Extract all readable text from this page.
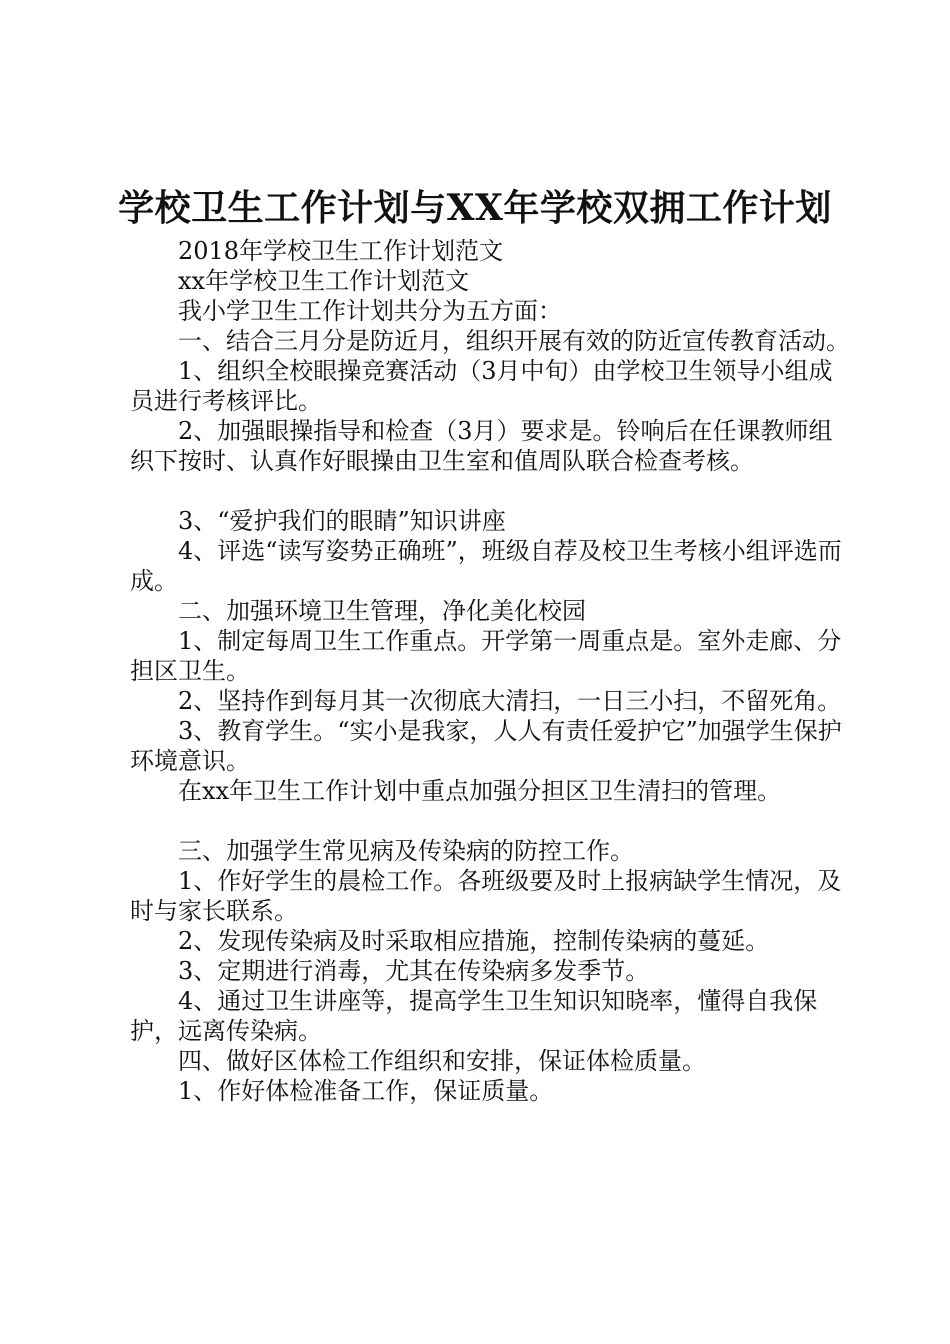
学校卫生工作计划与XX年学校双拥工作计划

2018年学校卫生工作计划范文

xx年学校卫生工作计划范文

我小学卫生工作计划共分为五方面：

一、结合三月分是防近月，组织开展有效的防近宣传教育活动。

1、组织全校眼操竞赛活动（3月中旬）由学校卫生领导小组成员进行考核评比。

2、加强眼操指导和检查（3月）要求是。铃响后在任课教师组织下按时、认真作好眼操由卫生室和值周队联合检查考核。

3、“爱护我们的眼睛”知识讲座

4、评选“读写姿势正确班”，班级自荐及校卫生考核小组评选而成。

二、加强环境卫生管理，净化美化校园

1、制定每周卫生工作重点。开学第一周重点是。室外走廊、分担区卫生。

2、坚持作到每月其一次彻底大清扫，一日三小扫，不留死角。

3、教育学生。“实小是我家，人人有责任爱护它”加强学生保护环境意识。

在xx年卫生工作计划中重点加强分担区卫生清扫的管理。

三、加强学生常见病及传染病的防控工作。

1、作好学生的晨检工作。各班级要及时上报病缺学生情况，及时与家长联系。

2、发现传染病及时采取相应措施，控制传染病的蔓延。

3、定期进行消毒，尤其在传染病多发季节。

4、通过卫生讲座等，提高学生卫生知识知晓率，懂得自我保护，远离传染病。

四、做好区体检工作组织和安排，保证体检质量。

1、作好体检准备工作，保证质量。
